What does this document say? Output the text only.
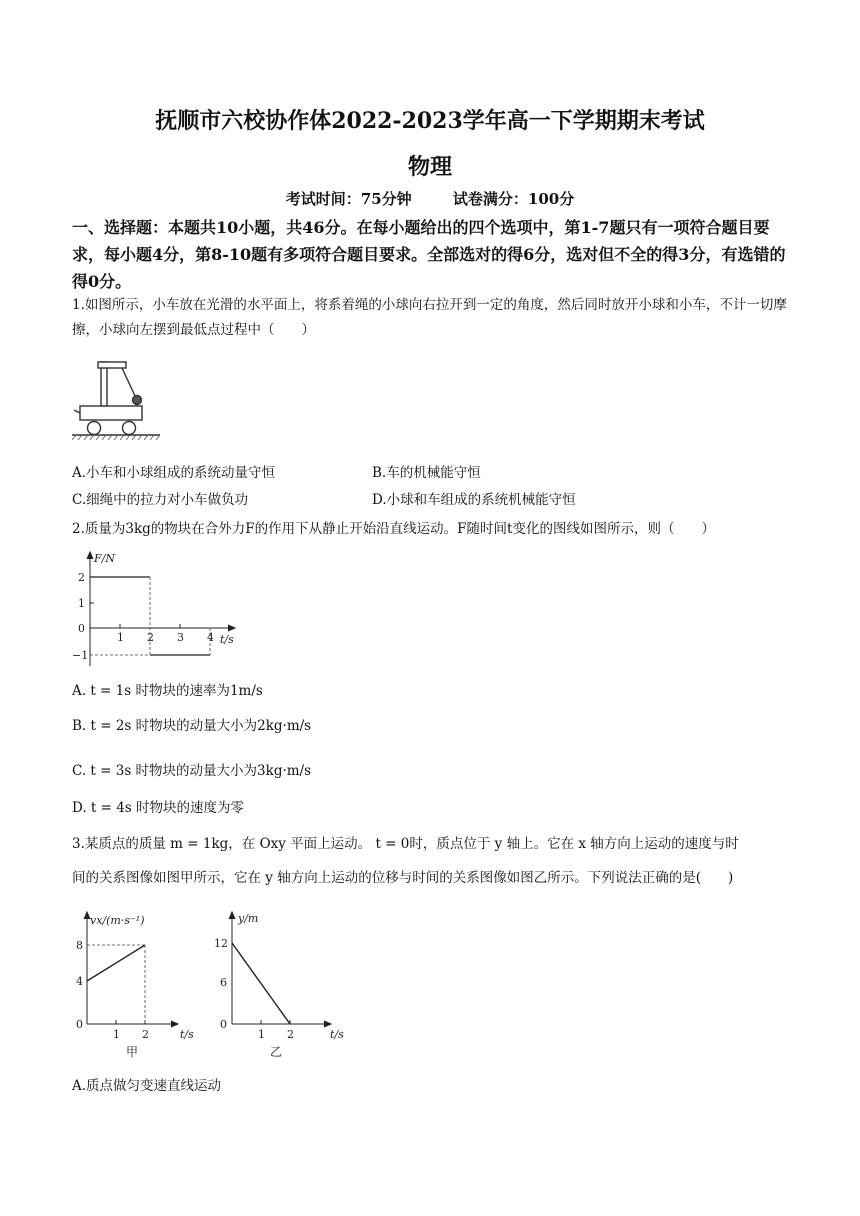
抚顺市六校协作体2022-2023学年高一下学期期末考试
物理
考试时间：75分钟	试卷满分：100分
一、选择题：本题共10小题，共46分。在每小题给出的四个选项中，第1-7题只有一项符合题目要求，每小题4分，第8-10题有多项符合题目要求。全部选对的得6分，选对但不全的得3分，有选错的得0分。
1.如图所示，小车放在光滑的水平面上，将系着绳的小球向右拉开到一定的角度，然后同时放开小球和小车，不计一切摩擦，小球向左摆到最低点过程中（　　）
A.小车和小球组成的系统动量守恒	B.车的机械能守恒
C.细绳中的拉力对小车做负功	D.小球和车组成的系统机械能守恒
2.质量为3kg的物块在合外力F的作用下从静止开始沿直线运动。F随时间t变化的图线如图所示，则（　　）
F/N
t/s
1 2 3 4
2
1
0
−1
A. t = 1s 时物块的速率为1m/s
B. t = 2s 时物块的动量大小为2kg·m/s
C. t = 3s 时物块的动量大小为3kg·m/s
D. t = 4s 时物块的速度为零
3.某质点的质量 m = 1kg，在 Oxy 平面上运动。 t = 0时，质点位于 y 轴上。它在 x 轴方向上运动的速度与时
间的关系图像如图甲所示，它在 y 轴方向上运动的位移与时间的关系图像如图乙所示。下列说法正确的是(　　)
vx/(m·s⁻¹)
t/s
1 2
8
4
0
甲
y/m
t/s
1 2
12
6
0
乙
A.质点做匀变速直线运动
